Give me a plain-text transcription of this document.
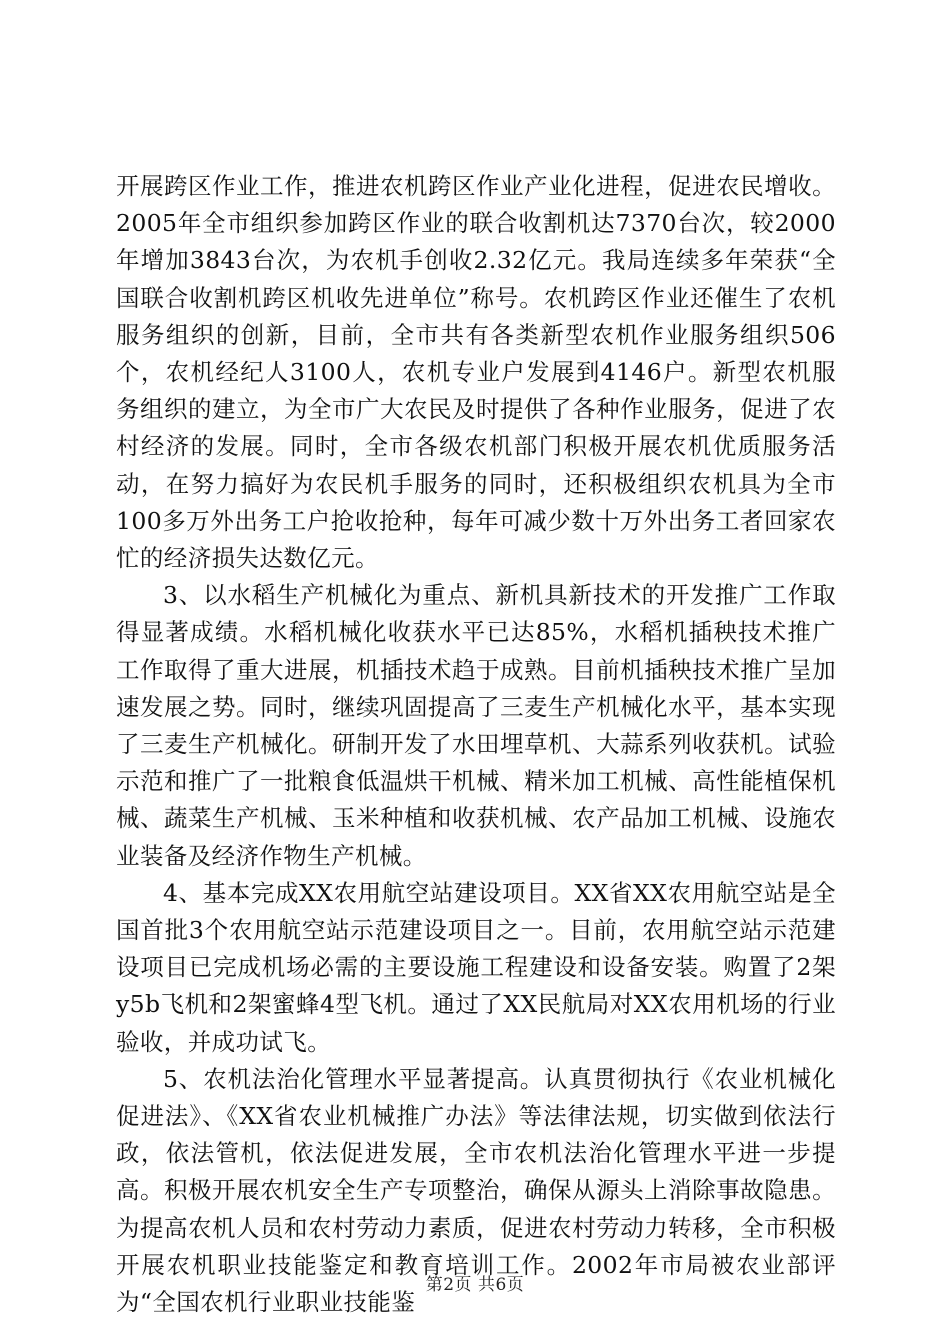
开展跨区作业工作，推进农机跨区作业产业化进程，促进农民增收。2005年全市组织参加跨区作业的联合收割机达7370台次，较2000年增加3843台次，为农机手创收2.32亿元。我局连续多年荣获“全国联合收割机跨区机收先进单位”称号。农机跨区作业还催生了农机服务组织的创新，目前，全市共有各类新型农机作业服务组织506个，农机经纪人3100人，农机专业户发展到4146户。新型农机服务组织的建立，为全市广大农民及时提供了各种作业服务，促进了农村经济的发展。同时，全市各级农机部门积极开展农机优质服务活动，在努力搞好为农民机手服务的同时，还积极组织农机具为全市100多万外出务工户抢收抢种，每年可减少数十万外出务工者回家农忙的经济损失达数亿元。

3、以水稻生产机械化为重点、新机具新技术的开发推广工作取得显著成绩。水稻机械化收获水平已达85%，水稻机插秧技术推广工作取得了重大进展，机插技术趋于成熟。目前机插秧技术推广呈加速发展之势。同时，继续巩固提高了三麦生产机械化水平，基本实现了三麦生产机械化。研制开发了水田埋草机、大蒜系列收获机。试验示范和推广了一批粮食低温烘干机械、精米加工机械、高性能植保机械、蔬菜生产机械、玉米种植和收获机械、农产品加工机械、设施农业装备及经济作物生产机械。

4、基本完成XX农用航空站建设项目。XX省XX农用航空站是全国首批3个农用航空站示范建设项目之一。目前，农用航空站示范建设项目已完成机场必需的主要设施工程建设和设备安装。购置了2架y5b飞机和2架蜜蜂4型飞机。通过了XX民航局对XX农用机场的行业验收，并成功试飞。

5、农机法治化管理水平显著提高。认真贯彻执行《农业机械化促进法》、《XX省农业机械推广办法》等法律法规，切实做到依法行政，依法管机，依法促进发展，全市农机法治化管理水平进一步提高。积极开展农机安全生产专项整治，确保从源头上消除事故隐患。为提高农机人员和农村劳动力素质，促进农村劳动力转移，全市积极开展农机职业技能鉴定和教育培训工作。2002年市局被农业部评为“全国农机行业职业技能鉴

第2页 共6页
